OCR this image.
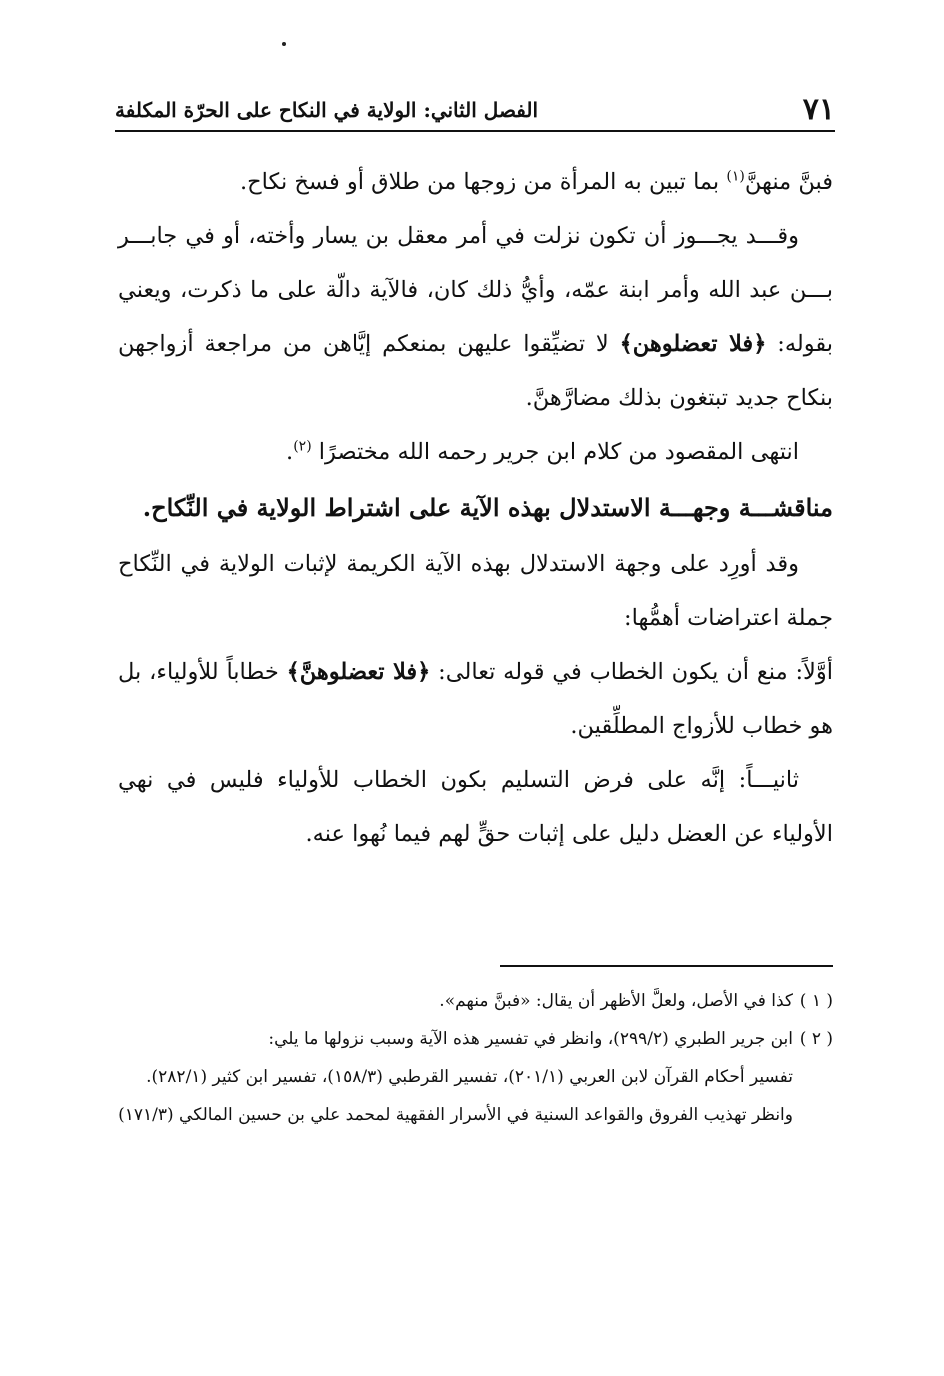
٧١
الفصل الثاني: الولاية في النكاح على الحرّة المكلفة

فبنَّ منهنَّ$^{(١)}$ بما تبين به المرأة من زوجها من طلاق أو فسخ نكاح.

وقـــد يجـــوز أن تكون نزلت في أمر معقل بن يسار وأخته، أو في جابـــر بـــن عبد الله وأمر ابنة عمّه، وأيُّ ذلك كان، فالآية دالّة على ما ذكرت، ويعني بقوله: ﴿فلا تعضلوهن﴾ لا تضيِّقوا عليهن بمنعكم إيَّاهن من مراجعة أزواجهن بنكاح جديد تبتغون بذلك مضارَّهنَّ.

انتهى المقصود من كلام ابن جرير رحمه الله مختصرًا $^{(٢)}$.

مناقشـــة وجهـــة الاستدلال بهذه الآية على اشتراط الولاية في النِّكاح.

وقد أورِد على وجهة الاستدلال بهذه الآية الكريمة لإثبات الولاية في النِّكاح جملة اعتراضات أهمُّها:

أوَّلاً: منع أن يكون الخطاب في قوله تعالى: ﴿فلا تعضلوهنَّ﴾ خطاباً للأولياء، بل هو خطاب للأزواج المطلِّقين.

ثانيـــاً: إنَّه على فرض التسليم بكون الخطاب للأولياء فليس في نهي الأولياء عن العضل دليل على إثبات حقٍّ لهم فيما نُهوا عنه.

( ١ )كذا في الأصل، ولعلَّ الأظهر أن يقال: «فبنَّ منهم».

( ٢ )ابن جرير الطبري (٢٩٩/٢)، وانظر في تفسير هذه الآية وسبب نزولها ما يلي:

تفسير أحكام القرآن لابن العربي (٢٠١/١)، تفسير القرطبي (١٥٨/٣)، تفسير ابن كثير (٢٨٢/١).

وانظر تهذيب الفروق والقواعد السنية في الأسرار الفقهية لمحمد علي بن حسين المالكي (١٧١/٣)
